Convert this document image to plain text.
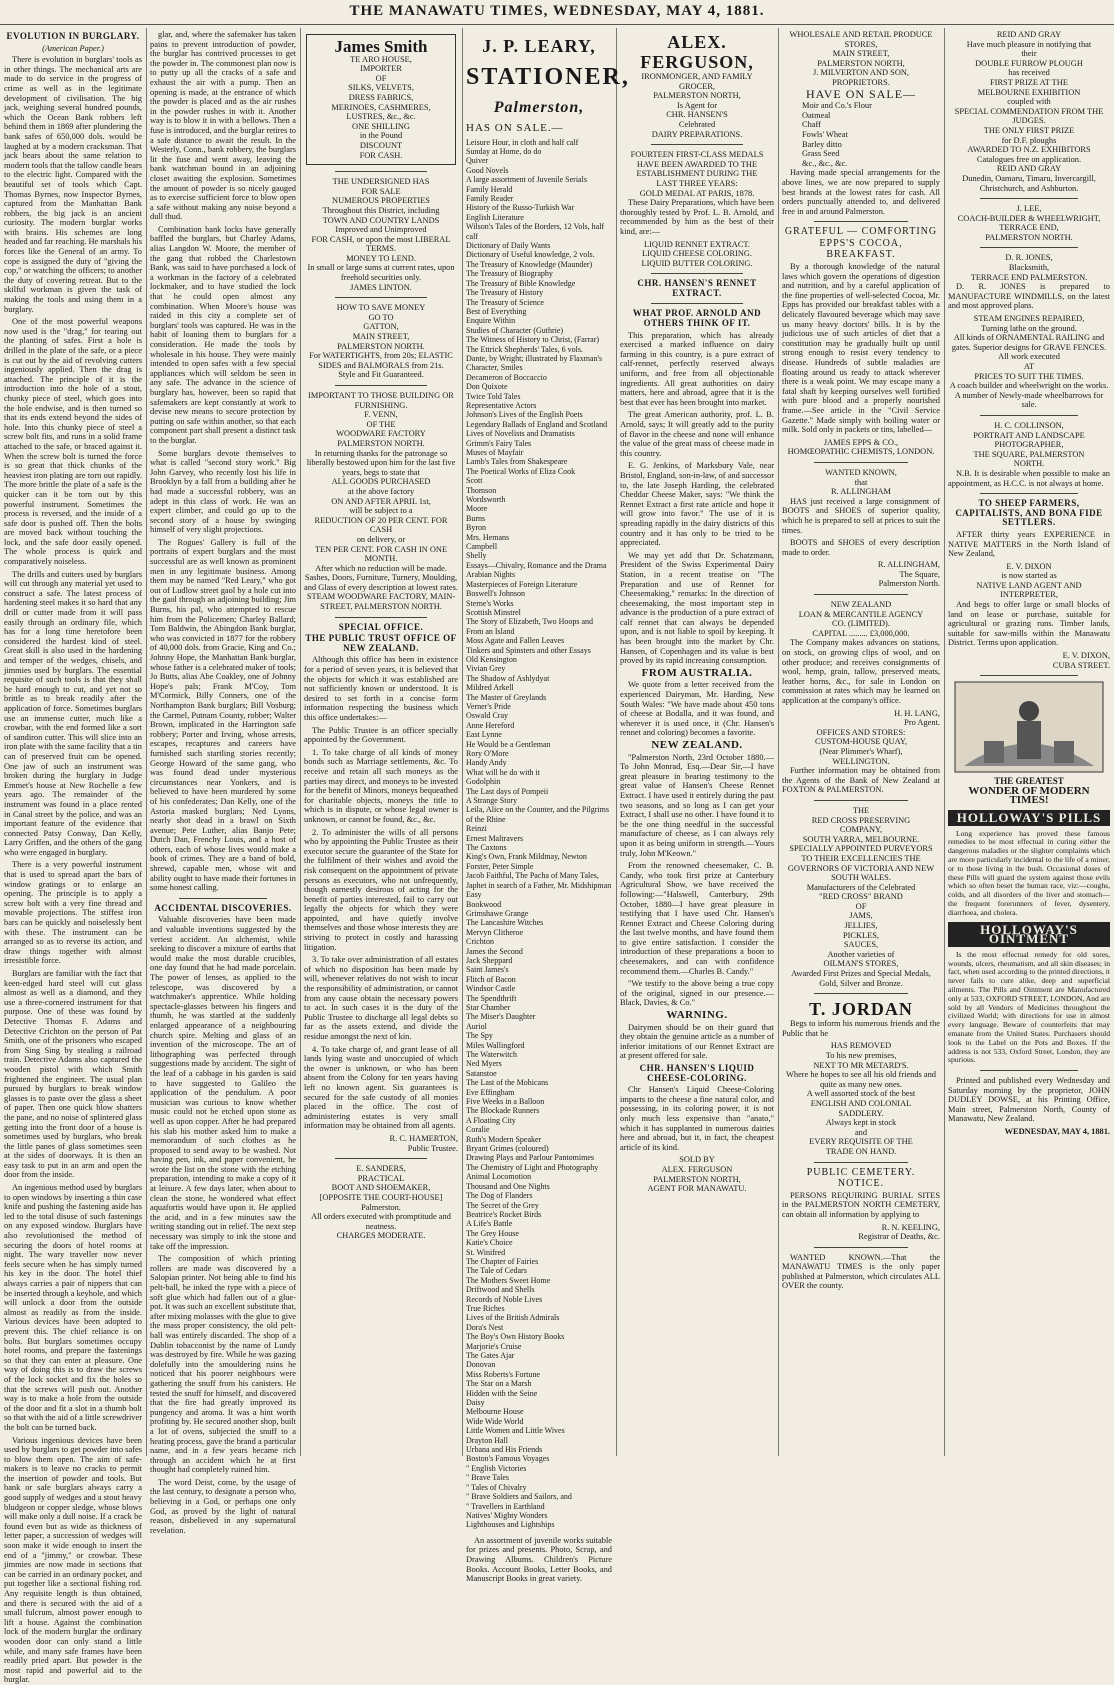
THE MANAWATU TIMES, WEDNESDAY, MAY 4, 1881.
EVOLUTION IN BURGLARY.
(American Paper.)

There is evolution in burglars' tools as in other things. The mechanical arts are made to do service in the progress of crime as well as in the legitimate development of civilisation. The big jack, weighing several hundred pounds, which the Ocean Bank robbers left behind them in 1869 after plundering the bank safes of 650,000 dols. would be laughed at by a modern cracksman. That jack bears about the same relation to modern tools that the tallow candle bears to the electric light. Compared with the beautiful set of tools which Capt. Thomas Byrnes, now Inspector Byrnes, captured from the Manhattan Bank robbers, the big jack is an ancient curiosity. The modern burglar works with brains. His schemes are long headed and far reaching. He marshals his forces like the General of an army. To cope is assigned the duty of "giving the cop," or watching the officers; to another the duty of covering retreat. But to the skilful workman is given the task of making the tools and using them in a burglary.

One of the most powerful weapons now used is the "drag," for tearing out the planting of safes. First a hole is drilled in the plate of the safe, or a piece is cut out by the aid of revolving cutters ingeniously applied. Then the drag is attached. The principle of it is the introduction into the hole of a stout, chunky piece of steel, which goes into the hole endwise, and is then turned so that its ends extend beyond the sides of hole. Into this chunky piece of steel a screw bolt fits, and runs in a solid frame attached to the safe, or braced against it. When the screw bolt is turned the force is so great that thick chunks of the heaviest iron plating are torn out rapidly. The more brittle the plate of a safe is the quicker can it be torn out by this powerful instrument. Sometimes the process is reversed, and the inside of a safe door is pushed off. Then the bolts are moved back without touching the lock, and the safe door easily opened. The whole process is quick and comparatively noiseless.

The drills and cutters used by burglars will cut through any material yet used to construct a safe. The latest process of hardening steel makes it so hard that any drill or cutter made from it will pass easily through an ordinary file, which has for a long time heretofore been considered the hardest kind of steel. Great skill is also used in the hardening and temper of the wedges, chisels, and jimmies used by burglars. The essential requisite of such tools is that they shall be hard enough to cut, and yet not so brittle as to break readily after the application of force. Sometimes burglars use an immense cutter, much like a crowbar, with the end formed like a sort of sandiron cutter. This will slice into an iron plate with the same facility that a tin can of preserved fruit can be opened. One jaw of such an instrument was broken during the burglary in Judge Emmet's house at New Rochelle a few years ago. The remainder of the instrument was found in a place rented in Canal street by the police, and was an important feature of the evidence that connected Patsy Conway, Dan Kelly, Larry Griffen, and the others of the gang who were engaged in burglary.

There is a very powerful instrument that is used to spread apart the bars of window gratings or to enlarge an opening. The principle is to apply a screw bolt with a very fine thread and movable projections. The stiffest iron bars can be quickly and noiselessly bent with these. The instrument can be arranged so as to reverse its action, and draw things together with almost irresistible force.

Burglars are familiar with the fact that keen-edged hard steel will cut glass almost as well as a diamond, and they use a three-cornered instrument for that purpose. One of these was found by Detective Thomas F. Adams and Detective Crichton on the person of Pat Smith, one of the prisoners who escaped from Sing Sing by stealing a railroad train. Detective Adams also captured the wooden pistol with which Smith frightened the engineer. The usual plan pursued by burglars to break window glasses is to paste over the glass a sheet of paper. Then one quick blow shatters the pane, and no noise of splintered glass getting into the front door of a house is sometimes used by burglars, who break the little panes of glass sometimes seen at the sides of doorways. It is then an easy task to put in an arm and open the door from the inside.

An ingenious method used by burglars to open windows by inserting a thin case knife and pushing the fastening aside has led to the total disuse of such fastenings on any exposed window. Burglars have also revolutionised the method of securing the doors of hotel rooms at night. The wary traveller now never feels secure when he has simply turned his key in the door. The hotel thief always carries a pair of nippers that can be inserted through a keyhole, and which will unlock a door from the outside almost as readily as from the inside. Various devices have been adopted to prevent this. The chief reliance is on bolts. But burglars sometimes occupy hotel rooms, and prepare the fastenings so that they can enter at pleasure. One way of doing this is to draw the screws of the lock socket and fix the holes so that the screws will push out. Another way is to make a hole from the outside of the door and fit a slot in a thumb bolt so that with the aid of a little screwdriver the bolt can be turned back.

Various ingenious devices have been used by burglars to get powder into safes to blow them open. The aim of safe-makers is to leave no cracks to permit the insertion of powder and tools. But bank or safe burglars always carry a good supply of wedges and a stout heavy bludgeon or copper sledge, whose blows will make only a dull noise. If a crack be found even but as wide as thickness of letter paper, a succession of wedges will soon make it wide enough to insert the end of a "jimmy," or crowbar. These jimmies are now made in sections that can be carried in an ordinary pocket, and put together like a sectional fishing rod. Any requisite length is thus obtained, and there is secured with the aid of a small fulcrum, almost power enough to lift a house. Against the combination lock of the modern burglar the ordinary wooden door can only stand a little while, and many safe frames have been readily pried apart. But powder is the most rapid and powerful aid to the burglar.

glar, and, where the safemaker has taken pains to prevent introduction of powder, the burglar has contrived processes to get the powder in. The commonest plan now is to putty up all the cracks of a safe and exhaust the air with a pump. Then an opening is made, at the entrance of which the powder is placed and as the air rushes in the powder rushes in with it. Another way is to blow it in with a bellows. Then a fuse is introduced, and the burglar retires to a safe distance to await the result. In the Westerly, Conn., bank robbery, the burglars lit the fuse and went away, leaving the bank watchman bound in an adjoining closet awaiting the explosion. Sometimes the amount of powder is so nicely gauged as to exercise sufficient force to blow open a safe without making any noise beyond a dull thud.

Combination bank locks have generally baffled the burglars, but Charley Adams, alias Langdon W. Moore, the member of the gang that robbed the Charlestown Bank, was said to have purchased a lock of a workman in the factory of a celebrated lockmaker, and to have studied the lock that he could open almost any combination. When Moore's house was raided in this city a complete set of burglars' tools was captured. He was in the habit of loaning them to burglars for a consideration. He made the tools by wholesale in his house. They were mainly intended to open safes with a few special appliances which will seldom be seen in any safe. The advance in the science of burglary has, however, been so rapid that safemakers are kept constantly at work to devise new means to secure protection by putting on safe within another, so that each component part shall present a distinct task to the burglar.

Some burglars devote themselves to what is called "second story work." Big John Garvey, who recently lost his life in Brooklyn by a fall from a building after he had made a successful robbery, was an adept in this class of work. He was an expert climber, and could go up to the second story of a house by swinging himself of very slight projections.

The Rogues' Gallery is full of the portraits of expert burglars and the most successful are as well known as prominent men in any legitimate business. Among them may be named "Red Leary," who got out of Ludlow street gaol by a hole cut into the gaol through an adjoining building; Jim Burns, his pal, who attempted to rescue him from the Policemen; Charley Ballard; Tom Baldwin, the Abingdon Bank burglar, who was convicted in 1877 for the robbery of 40,000 dols. from Gracie, King and Co.; Johnny Hope, the Manhattan Bank burglar, whose father is a celebrated maker of tools; Jo Butts, alias Abe Coakley, one of Johnny Hope's pals; Frank M'Coy, Tom M'Cormick, Billy Conners, one of the Northampton Bank burglars; Bill Vosburg; the Carmel, Putnam County, robber; Walter Brown, implicated in the Harrington safe robbery; Porter and Irving, whose arrests, escapes, recaptures and careers have furnished such startling stories recently; George Howard of the same gang, who was found dead under mysterious circumstances near Yonkers, and is believed to have been murdered by some of his confederates; Dan Kelly, one of the Astoria masked burglars; Ned Lyons, nearly shot dead in a brawl on Sixth avenue; Pete Luther, alias Banjo Pete; Dutch Dan, Frenchy Louis, and a host of others, each of whose lives would make a book of crimes. They are a band of bold, shrewd, capable men, whose wit and ability ought to have made their fortunes in some honest calling.

ACCIDENTAL DISCOVERIES.

Valuable discoveries have been made and valuable inventions suggested by the veriest accident. An alchemist, while seeking to discover a mixture of earths that would make the most durable crucibles, one day found that he had made porcelain. The power of lenses, as applied to the telescope, was discovered by a watchmaker's apprentice. While holding spectacle-glasses between his fingers and thumb, he was startled at the suddenly enlarged appearance of a neighbouring church spire. Melting and glass of an invention of the microscope. The art of lithographing was perfected through suggestions made by accident. The sight of the leaf of a cabbage in his garden is said to have suggested to Galileo the application of the pendulum. A poor musician was curious to know whether music could not be etched upon stone as well as upon copper. After he had prepared his slab his mother asked him to make a memorandum of such clothes as he proposed to send away to be washed. Not having pen, ink, and paper convenient, he wrote the list on the stone with the etching preparation, intending to make a copy of it at leisure. A few days later, when about to clean the stone, he wondered what effect aquafortis would have upon it. He applied the acid, and in a few minutes saw the writing standing out in relief. The next step necessary was simply to ink the stone and take off the impression.

The composition of which printing rollers are made was discovered by a Salopian printer. Not being able to find his pelt-ball, he inked the type with a piece of soft glue which had fallen out of a glue-pot. It was such an excellent substitute that, after mixing molasses with the glue to give the mass proper consistency, the old pelt-ball was entirely discarded. The shop of a Dublin tobacconist by the name of Lundy was destroyed by fire. While he was gazing dolefully into the smouldering ruins he noticed that his poorer neighbours were gathering the snuff from his canisters. He tested the snuff for himself, and discovered that the fire had greatly improved its pungency and aroma. It was a hint worth profiting by. He secured another shop, built a lot of ovens, subjected the snuff to a heating process, gave the brand a particular name, and in a few years became rich through an accident which he at first thought had completely ruined him.

The word Deist, come, by the usage of the last century, to designate a person who, believing in a God, or perhaps one only God, as proved by the light of natural reason, disbelieved in any supernatural revelation.

James Smith
TE ARO HOUSE,
IMPORTER
OF
SILKS, VELVETS,
DRESS FABRICS,
MERINOES, CASHMERES,
LUSTRES, &c., &c.
ONE SHILLING
in the Pound
DISCOUNT
FOR CASH.
THE UNDERSIGNED HAS
FOR SALE
NUMEROUS PROPERTIES
Throughout this District, including
TOWN AND COUNTRY LANDS
Improved and Unimproved
FOR CASH, or upon the most LIBERAL
TERMS.
MONEY TO LEND.
In small or large sums at current rates, upon freehold securities only.
JAMES LINTON.
HOW TO SAVE MONEY
GO TO
GATTON,
MAIN STREET,
PALMERSTON NORTH.
For WATERTIGHTS, from 20s; ELASTIC SIDES and BALMORALS from 21s.
Style and Fit Guaranteed.
IMPORTANT TO THOSE BUILDING OR FURNISHING.
F. VENN,
OF THE
WOODWARE FACTORY
PALMERSTON NORTH.
In returning thanks for the patronage so liberally bestowed upon him for the last five years, begs to state that
ALL GOODS PURCHASED
at the above factory
ON AND AFTER APRIL 1st,
will be subject to a
REDUCTION OF 20 PER CENT. FOR CASH
on delivery, or
TEN PER CENT. FOR CASH IN ONE MONTH.
After which no reduction will be made.
Sashes, Doors, Furniture, Turnery, Moulding, and Glass of every description at lowest rates.
STEAM WOODWARE FACTORY, MAIN-STREET, PALMERSTON NORTH.
SPECIAL OFFICE.
THE PUBLIC TRUST OFFICE OF NEW ZEALAND.

Although this office has been in existence for a period of seven years, it is believed that the objects for which it was established are not sufficiently known or understood. It is desired to set forth in a concise form information respecting the business which this office undertakes:—

The Public Trustee is an officer specially appointed by the Government.

1. To take charge of all kinds of money bonds such as Marriage settlements, &c. To receive and retain all such moneys as the parties may direct, and moneys to be invested for the benefit of Minors, moneys bequeathed for charitable objects, moneys the title to which is in dispute, or whose legal owner is unknown, or cannot be found, &c., &c.

2. To administer the wills of all persons who by appointing the Public Trustee as their executor secure the guarantee of the State for the fulfilment of their wishes and avoid the risk consequent on the appointment of private persons as executors, who not unfrequently, though earnestly desirous of acting for the benefit of parties interested, fail to carry out legally the objects for which they were appointed, and have quietly involve themselves and those whose interests they are striving to protect in costly and harassing litigation.

3. To take over administration of all estates of which no disposition has been made by will, whenever relatives do not wish to incur the responsibility of administration, or cannot from any cause obtain the necessary powers to act. In such cases it is the duty of the Public Trustee to discharge all legal debts so far as the assets extend, and divide the residue amongst the next of kin.

4. To take charge of, and grant lease of all lands lying waste and unoccupied of which the owner is unknown, or who has been absent from the Colony for ten years having left no known agent. Six guarantees is secured for the safe custody of all monies placed in the office. The cost of administering estates is very small information may be obtained from all agents.

R. C. HAMERTON,
Public Trustee.
E. SANDERS,
PRACTICAL
BOOT AND SHOEMAKER,
[OPPOSITE THE COURT-HOUSE]
Palmerston.
All orders executed with promptitude and neatness.
CHARGES MODERATE.
J. P. LEARY,
STATIONER,
Palmerston,
HAS ON SALE.—
Leisure Hour, in cloth and half calf
Sunday at Home, do do
Quiver
Good Novels
A large assortment of Juvenile Serials
Family Herald
Family Reader
History of the Russo-Turkish War
English Literature
Wilson's Tales of the Borders, 12 Vols, half calf
Dictionary of Daily Wants
Dictionary of Useful knowledge, 2 vols.
The Treasury of Knowledge (Maunder)
The Treasury of Biography
The Treasury of Bible Knowledge
The Treasury of History
The Treasury of Science
Best of Everything
Enquire Within
Studies of Character (Guthrie)
The Witness of History to Christ, (Farrar)
The Ettrick Shepherds' Tales, 6 vols.
Dante, by Wright; illustrated by Flaxman's Character, Smiles
Decameron of Boccaccio
Don Quixote
Twice Told Tales
Representative Actors
Johnson's Lives of the English Poets
Legendary Ballads of England and Scotland
Lives of Novelists and Dramatists
Grimm's Fairy Tales
Muses of Mayfair
Lamb's Tales from Shakespeare
The Poetical Works of Eliza Cook
Scott
Thomson
Wordsworth
Moore
Burns
Byron
Mrs. Hemans
Campbell
Shelly
Essays—Chivalry, Romance and the Drama
Arabian Nights
Masterpieces of Foreign Literature
Boswell's Johnson
Sterne's Works
Scottish Minstrel
The Story of Elizabeth, Two Hoops and From an Island
Moss Agate and Fallen Leaves
Tinkers and Spinsters and other Essays
Old Kensington
Vivian Grey
The Shadow of Ashlydyat
Mildred Arkell
The Master of Greylands
Verner's Pride
Oswald Cray
Anne Hereford
East Lynne
He Would be a Gentleman
Rory O'More
Handy Andy
What will he do with it
Godolphin
The Last days of Pompeii
A Strange Story
Leila, Alice on the Counter, and the Pilgrims of the Rhine
Reinzi
Ernest Maltravers
The Caxtons
King's Own, Frank Mildmay, Newton Forster, Peter Simple
Jacob Faithful, The Pacha of Many Tales, Japhet in search of a Father, Mr. Midshipman Easy
Bookwood
Grimshawe Grange
The Lancashire Witches
Mervyn Clitheroe
Crichton
James the Second
Jack Sheppard
Saint James's
Flitch of Bacon
Windsor Castle
The Spendthrift
Star Chamber
The Miser's Daughter
Auriol
The Spy
Miles Wallingford
The Waterwitch
Ned Myers
Satanstoe
The Last of the Mohicans
Eve Effingham
Five Weeks in a Balloon
The Blockade Runners
A Floating City
Coralie
Ruth's Modern Speaker
Bryant Grimes (coloured)
Drawing Plays and Parlour Pantomimes
The Chemistry of Light and Photography
Animal Locomotion
Thousand and One Nights
The Dog of Flanders
The Secret of the Grey
Beatrice's Rocket Birds
A Life's Battle
The Grey House
Katie's Choice
St. Winifred
The Chapter of Fairies
The Tale of Cedars
The Mothers Sweet Home
Driftwood and Shells
Records of Noble Lives
True Riches
Lives of the British Admirals
Dora's Nest
The Boy's Own History Books
Marjorie's Cruise
The Gates Ajar
Donovan
Miss Roberts's Fortune
The Star on a Marsh
Hidden with the Seine
Daisy
Melbourne House
Wide Wide World
Little Women and Little Wives
Drayton Hall
Urbana and His Friends
Boston's Famous Voyages
" English Victories
" Brave Tales
" Tales of Chivalry
" Brave Soldiers and Sailors, and
" Travellers in Earthland
Natives' Mighty Wonders
Lighthouses and Lightships

An assortment of juvenile works suitable for prizes and presents. Photo, Scrap, and Drawing Albums. Children's Picture Books. Account Books, Letter Books, and Manuscript Books in great variety.

ALEX. FERGUSON,
IRONMONGER, AND FAMILY
GROCER,
PALMERSTON NORTH,
Is Agent for
CHR. HANSEN'S
Celebrated
DAIRY PREPARATIONS.
FOURTEEN FIRST-CLASS MEDALS
HAVE BEEN AWARDED TO THE
ESTABLISHMENT DURING THE
LAST THREE YEARS:
GOLD MEDAL AT PARIS, 1878.

These Dairy Preparations, which have been thoroughly tested by Prof. L. B. Arnold, and recommended by him as the best of their kind, are:—

LIQUID RENNET EXTRACT.
LIQUID CHEESE COLORING.
LIQUID BUTTER COLORING.
CHR. HANSEN'S RENNET EXTRACT.
WHAT PROF. ARNOLD AND OTHERS THINK OF IT.

This preparation, which has already exercised a marked influence on dairy farming in this country, is a pure extract of calf-rennet, perfectly reserved always uniform, and free from all objectionable ingredients. All great authorities on dairy matters, here and abroad, agree that it is the best that ever has been brought into market.

The great American authority, prof. L. B. Arnold, says; It will greatly add to the purity of flavor in the cheese and none will enhance the value of the great mass of cheese made in this country.

E. G. Jenkins, of Marksbury Vale, near Bristol, England, son-in-law, of and successor to, the late Joseph Harding, the celebrated Cheddar Cheese Maker, says: "We think the Rennet Extract a first rate article and hope it will grow into favor." The use of it is spreading rapidly in the dairy districts of this country and it has only to be tried to be appreciated.

We may yet add that Dr. Schatzmann, President of the Swiss Experimental Dairy Station, in a recent treatise on "The Preparation and use of Rennet for Cheesemaking," remarks: In the direction of cheesemaking, the most important step in advance is the production of a pure extract of calf rennet that can always be depended upon, and is not liable to spoil by keeping. It has been brought into the market by Chr. Hansen, of Copenhagen and its value is best proved by its rapid increasing consumption.

FROM AUSTRALIA.

We quote from a letter received from the experienced Dairyman, Mr. Harding, New South Wales: "We have made about 450 tons of cheese at Bodalla, and it was found, and wherever it is used once, it (Chr. Hansen's rennet and coloring) becomes a favorite.

NEW ZEALAND.

"Palmerston North, 23rd October 1880.—To John Monrad, Esq.—Dear Sir,—I have great pleasure in bearing testimony to the great value of Hansen's Cheese Rennet Extract. I have used it entirely during the past two seasons, and so long as I can get your Extract, I shall use no other. I have found it to be the one thing needful in the successful manufacture of cheese, as I can always rely upon it as being uniform in strength.—Yours truly, John M'Keown."

From the renowned cheesemaker, C. B. Candy, who took first prize at Canterbury Agricultural Show, we have received the following:—"Halswell, Canterbury, 29th October, 1880—I have great pleasure in testifying that I have used Chr. Hansen's Rennet Extract and Cheese Coloring during the last twelve months, and have found them to give entire satisfaction. I consider the introduction of these preparations a boon to cheesemakers, and can with confidence recommend them.—Charles B. Candy."

"We testify to the above being a true copy of the original, signed in our presence.—Black, Davies, & Co."

WARNING.

Dairymen should be on their guard that they obtain the genuine article as a number of inferior imitations of our Rennet Extract are at present offered for sale.

CHR. HANSEN'S LIQUID CHEESE-COLORING.

Chr Hansen's Liquid Cheese-Coloring imparts to the cheese a fine natural color, and possessing, in its coloring power, it is not only much less expensive than "anato," which it has supplanted in numerous dairies here and abroad, but it, in fact, the cheapest article of its kind.

SOLD BY
ALEX. FERGUSON
PALMERSTON NORTH,
AGENT FOR MANAWATU.
WHOLESALE AND RETAIL PRODUCE STORES,
MAIN STREET,
PALMERSTON NORTH,
J. MILVERTON AND SON,
PROPRIETORS.
HAVE ON SALE—
Moir and Co.'s Flour
Oatmeal
Chaff
Fowls' Wheat
Barley ditto
Grass Seed
&c., &c., &c.

Having made special arrangements for the above lines, we are now prepared to supply best brands at the lowest rates for cash. All orders punctually attended to, and delivered free in and around Palmerston.

GRATEFUL — COMFORTING
EPPS'S COCOA,
BREAKFAST.

By a thorough knowledge of the natural laws which govern the operations of digestion and nutrition, and by a careful application of the fine properties of well-selected Cocoa, Mr. Epps has provided our breakfast tables with a delicately flavoured beverage which may save us many heavy doctors' bills. It is by the judicious use of such articles of diet that a constitution may be gradually built up until strong enough to resist every tendency to disease. Hundreds of subtle maladies are floating around us ready to attack wherever there is a weak point. We may escape many a fatal shaft by keeping ourselves well fortified with pure blood and a properly nourished frame.—See article in the "Civil Service Gazette." Made simply with boiling water or milk. Sold only in packets or tins, labelled—

JAMES EPPS & CO.,
HOMŒOPATHIC CHEMISTS, LONDON.
WANTED KNOWN,
that
R. ALLINGHAM

HAS just received a large consignment of BOOTS and SHOES of superior quality, which he is prepared to sell at prices to suit the times.

BOOTS and SHOES of every description made to order.

R. ALLINGHAM,
The Square,
Palmerston North.
NEW ZEALAND
LOAN & MERCANTILE AGENCY
CO. (LIMITED).
CAPITAL ......... £3,000,000.

The Company makes advances on stations, on stock, on growing clips of wool, and on other produce; and receives consignments of wool, hemp, grain, tallow, preserved meats, leather horns, &c., for sale in London on commission at rates which may be learned on application at the company's office.

H. H. LANG,
Pro Agent.
OFFICES AND STORES:
CUSTOM-HOUSE QUAY,
(Near Plimmer's Wharf),
WELLINGTON.

Further information may be obtained from the Agents of the Bank of New Zealand at FOXTON & PALMERSTON.

THE
RED CROSS PRESERVING
COMPANY,
SOUTH YARRA, MELBOURNE.
SPECIALLY APPOINTED PURVEYORS
TO THEIR EXCELLENCIES THE
GOVERNORS OF VICTORIA AND NEW SOUTH WALES.
Manufacturers of the Celebrated
"RED CROSS" BRAND
OF
JAMS,
JELLIES,
PICKLES,
SAUCES,
Another varieties of
OILMAN'S STORES,
Awarded First Prizes and Special Medals, Gold, Silver and Bronze.
T. JORDAN

Begs to inform his numerous friends and the Public that he

HAS REMOVED
To his new premises,
NEXT TO MR METARD'S.
Where he hopes to see all his old friends and quite as many new ones.
A well assorted stock of the best
ENGLISH AND COLONIAL
SADDLERY.
Always kept in stock
and
EVERY REQUISITE OF THE
TRADE ON HAND.
PUBLIC CEMETERY.
NOTICE.

PERSONS REQUIRING BURIAL SITES in the PALMERSTON NORTH CEMETERY, can obtain all information by applying to

R. N. KEELING,
Registrar of Deaths, &c.

WANTED KNOWN.—That the MANAWATU TIMES is the only paper published at Palmerston, which circulates ALL OVER the county.

REID AND GRAY
Have much pleasure in notifying that
their
DOUBLE FURROW PLOUGH
has received
FIRST PRIZE AT THE
MELBOURNE EXHIBITION
coupled with
SPECIAL COMMENDATION FROM THE JUDGES.
THE ONLY FIRST PRIZE
for D.F. ploughs
AWARDED TO N.Z. EXHIBITORS
Catalogues free on application.
REID AND GRAY
Dunedin, Oamaru, Timaru, Invercargill, Christchurch, and Ashburton.
J. LEE,
COACH-BUILDER & WHEELWRIGHT,
TERRACE END,
PALMERSTON NORTH.
D. R. JONES,
Blacksmith,
TERRACE END PALMERSTON.

D. R. JONES is prepared to MANUFACTURE WINDMILLS, on the latest and most approved plans.

STEAM ENGINES REPAIRED,
Turning lathe on the ground.
All kinds of ORNAMENTAL RAILING and gates. Superior designs for GRAVE FENCES.
All work executed
AT
PRICES TO SUIT THE TIMES.
A coach builder and wheelwright on the works.
A number of Newly-made wheelbarrows for sale.
H. C. COLLINSON,
PORTRAIT AND LANDSCAPE
PHOTOGRAPHER,
THE SQUARE, PALMERSTON
NORTH.

N.B. It is desirable when possible to make an appointment, as H.C.C. is not always at home.

TO SHEEP FARMERS, CAPITALISTS, AND BONA FIDE SETTLERS.

AFTER thirty years EXPERIENCE in NATIVE MATTERS in the North Island of New Zealand,

E. V. DIXON
is now started as
NATIVE LAND AGENT AND
INTERPRETER,

And begs to offer large or small blocks of land on lease or purchase, suitable for agricultural or grazing runs. Timber lands, suitable for saw-mills within the Manawatu District. Terms upon application.

E. V. DIXON,
CUBA STREET.
THE GREATEST
WONDER OF MODERN TIMES!
HOLLOWAY'S PILLS

Long experience has proved these famous remedies to be most effectual in curing either the dangerous maladies or the slighter complaints which are more particularly incidental to the life of a miner, or to those living in the bush. Occasional doses of these Pills will guard the system against those evils which so often beset the human race, viz:—coughs, colds, and all disorders of the liver and stomach—the frequent forerunners of fever, dysentery, diarrhoea, and cholera.

HOLLOWAY'S OINTMENT

Is the most effectual remedy for old sores, wounds, ulcers, rheumatism, and all skin diseases; in fact, when used according to the printed directions, it never fails to cure alike, deep and superficial ailments. The Pills and Ointment are Manufactured only at 533, OXFORD STREET, LONDON, And are sold by all Vendors of Medicines throughout the civilized World; with directions for use in almost every language. Beware of counterfeits that may emanate from the United States. Purchasers should look to the Label on the Pots and Boxes. If the address is not 533, Oxford Street, London, they are spurious.

Printed and published every Wednesday and Saturday morning by the proprietor, JOHN DUDLEY DOWSE, at his Printing Office, Main street, Palmerston North, County of Manawatu, New Zealand.

WEDNESDAY, MAY 4, 1881.
